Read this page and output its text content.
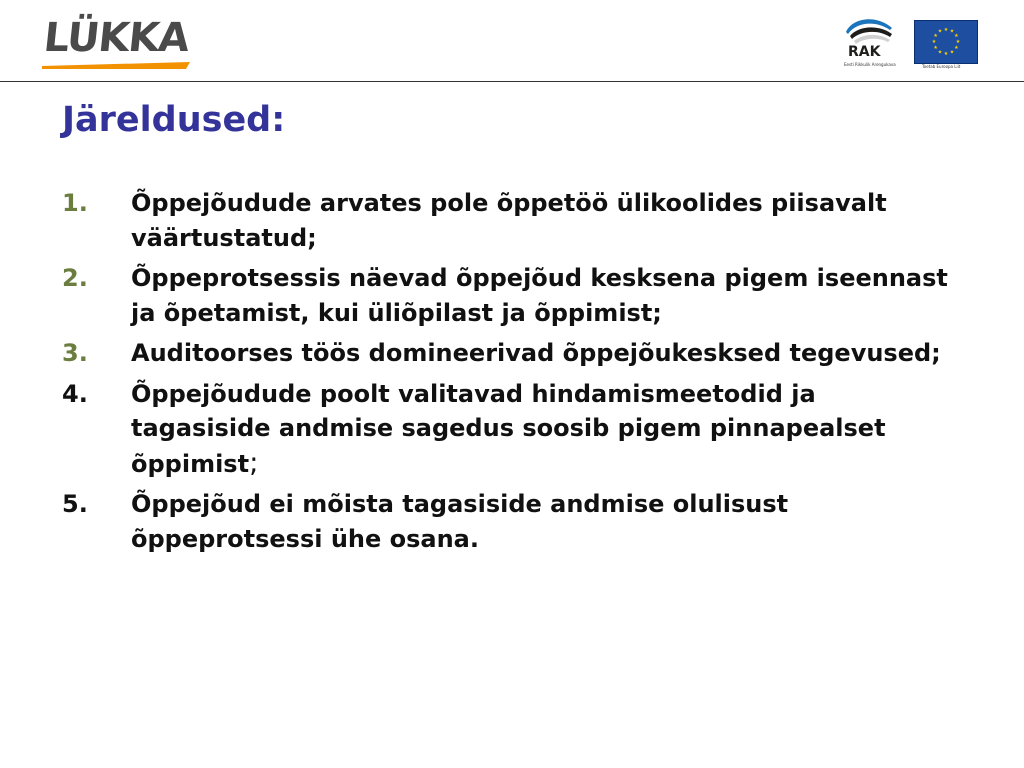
LÜKKA	RAK
Eesti Rikkulik Arengukava
★ ★
★
★
★
★
★
★
★
★
★
★
Toetab Euroopa Liit
Järeldused:
1.	Õppejõudude arvates pole õppetöö ülikoolides piisavalt väärtustatud;
2.	Õppeprotsessis näevad õppejõud kesksena pigem iseennast ja õpetamist, kui üliõpilast ja õppimist;
3.	Auditoorses töös domineerivad õppejõukesksed tegevused;
4.	Õppejõudude poolt valitavad hindamismeetodid ja tagasiside andmise sagedus soosib pigem pinnapealset õppimist;
5.	Õppejõud ei mõista tagasiside andmise olulisust õppeprotsessi ühe osana.
